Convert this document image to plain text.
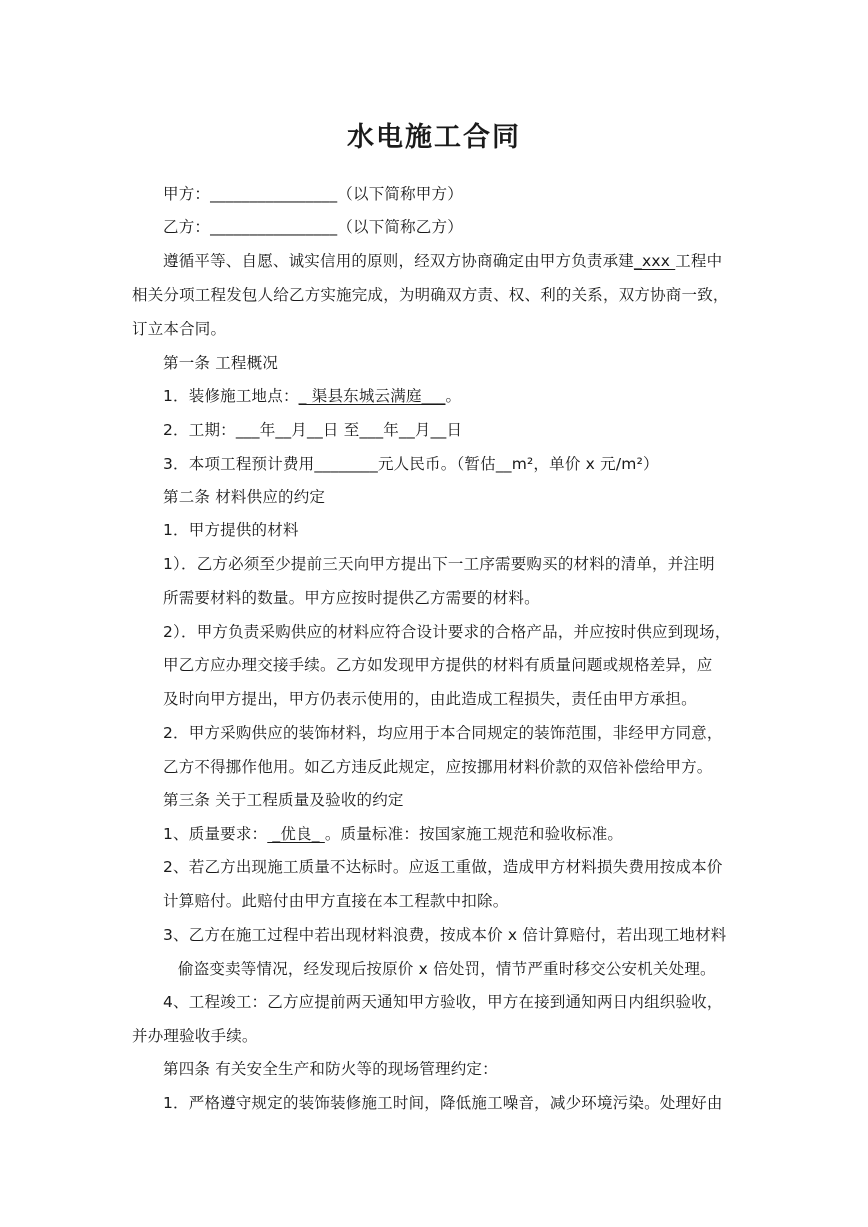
水电施工合同
甲方：________________（以下简称甲方）
乙方：________________（以下简称乙方）
遵循平等、自愿、诚实信用的原则，经双方协商确定由甲方负责承建_xxx 工程中
相关分项工程发包人给乙方实施完成，为明确双方责、权、利的关系，双方协商一致，
订立本合同。
第一条 工程概况
1．装修施工地点：_ 渠县东城云满庭___。
2．工期：___年__月__日 至___年__月__日
3．本项工程预计费用________元人民币。（暂估__m²，单价 x 元/m²）
第二条 材料供应的约定
1．甲方提供的材料
1）．乙方必须至少提前三天向甲方提出下一工序需要购买的材料的清单，并注明
所需要材料的数量。甲方应按时提供乙方需要的材料。
2）．甲方负责采购供应的材料应符合设计要求的合格产品，并应按时供应到现场，
甲乙方应办理交接手续。乙方如发现甲方提供的材料有质量问题或规格差异，应
及时向甲方提出，甲方仍表示使用的，由此造成工程损失，责任由甲方承担。
2．甲方采购供应的装饰材料，均应用于本合同规定的装饰范围，非经甲方同意，
乙方不得挪作他用。如乙方违反此规定，应按挪用材料价款的双倍补偿给甲方。
第三条 关于工程质量及验收的约定
1、质量要求： _优良_ 。质量标准：按国家施工规范和验收标准。
2、若乙方出现施工质量不达标时。应返工重做，造成甲方材料损失费用按成本价
计算赔付。此赔付由甲方直接在本工程款中扣除。
3、乙方在施工过程中若出现材料浪费，按成本价 x 倍计算赔付，若出现工地材料
偷盗变卖等情况，经发现后按原价 x 倍处罚，情节严重时移交公安机关处理。
4、工程竣工：乙方应提前两天通知甲方验收，甲方在接到通知两日内组织验收，
并办理验收手续。
第四条 有关安全生产和防火等的现场管理约定：
1．严格遵守规定的装饰装修施工时间，降低施工噪音，减少环境污染。处理好由
